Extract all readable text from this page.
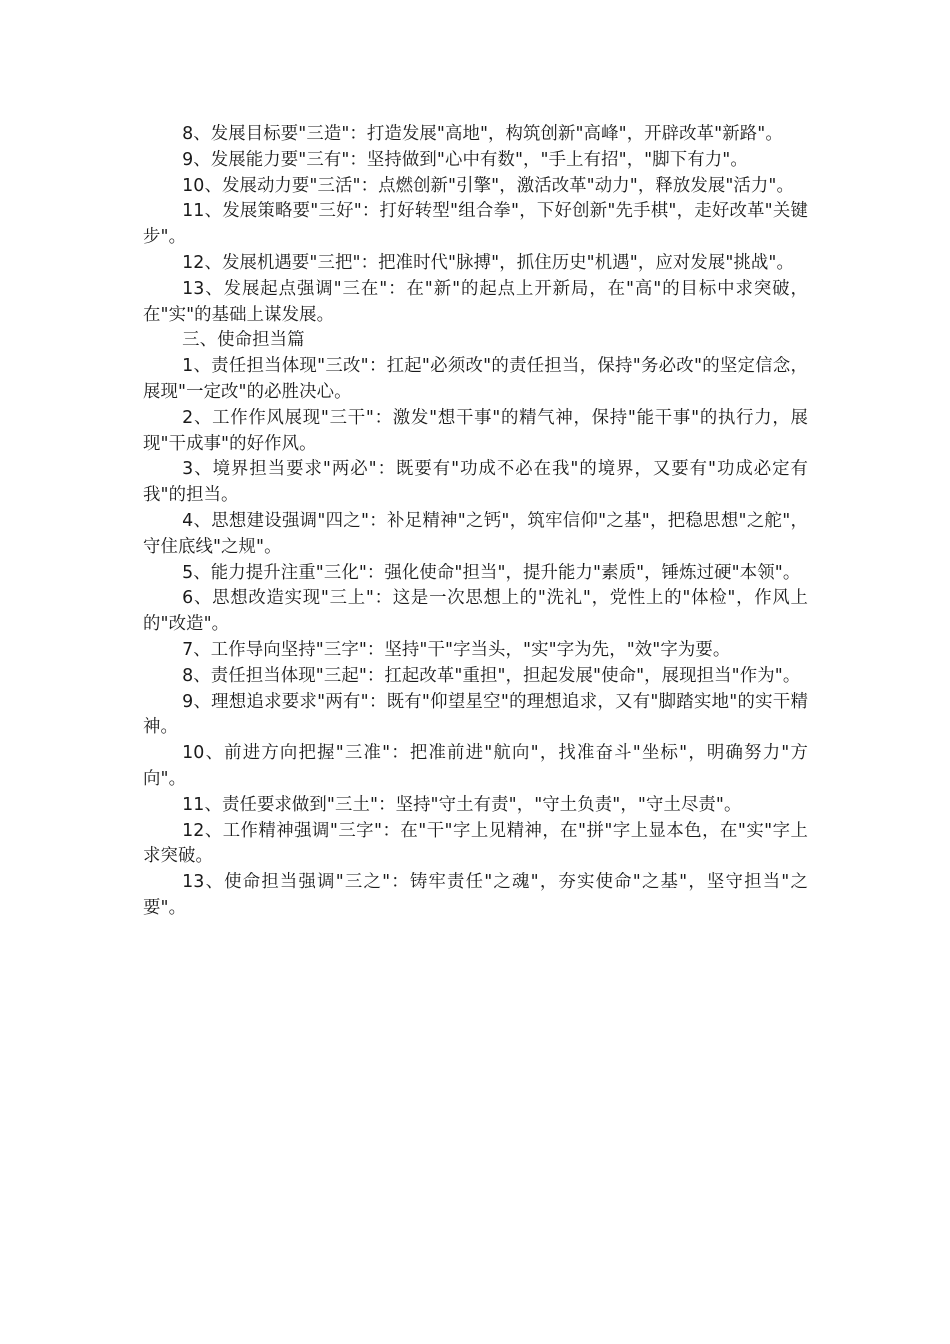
8、发展目标要"三造"：打造发展"高地"，构筑创新"高峰"，开辟改革"新路"。

9、发展能力要"三有"：坚持做到"心中有数"，"手上有招"，"脚下有力"。

10、发展动力要"三活"：点燃创新"引擎"，激活改革"动力"，释放发展"活力"。

11、发展策略要"三好"：打好转型"组合拳"，下好创新"先手棋"，走好改革"关键步"。

12、发展机遇要"三把"：把准时代"脉搏"，抓住历史"机遇"，应对发展"挑战"。

13、发展起点强调"三在"：在"新"的起点上开新局，在"高"的目标中求突破，在"实"的基础上谋发展。

三、使命担当篇

1、责任担当体现"三改"：扛起"必须改"的责任担当，保持"务必改"的坚定信念，展现"一定改"的必胜决心。

2、工作作风展现"三干"：激发"想干事"的精气神，保持"能干事"的执行力，展现"干成事"的好作风。

3、境界担当要求"两必"：既要有"功成不必在我"的境界，又要有"功成必定有我"的担当。

4、思想建设强调"四之"：补足精神"之钙"，筑牢信仰"之基"，把稳思想"之舵"，守住底线"之规"。

5、能力提升注重"三化"：强化使命"担当"，提升能力"素质"，锤炼过硬"本领"。

6、思想改造实现"三上"：这是一次思想上的"洗礼"，党性上的"体检"，作风上的"改造"。

7、工作导向坚持"三字"：坚持"干"字当头，"实"字为先，"效"字为要。

8、责任担当体现"三起"：扛起改革"重担"，担起发展"使命"，展现担当"作为"。

9、理想追求要求"两有"：既有"仰望星空"的理想追求，又有"脚踏实地"的实干精神。

10、前进方向把握"三准"：把准前进"航向"，找准奋斗"坐标"，明确努力"方向"。

11、责任要求做到"三土"：坚持"守土有责"，"守土负责"，"守土尽责"。

12、工作精神强调"三字"：在"干"字上见精神，在"拼"字上显本色，在"实"字上求突破。

13、使命担当强调"三之"：铸牢责任"之魂"，夯实使命"之基"，坚守担当"之要"。
